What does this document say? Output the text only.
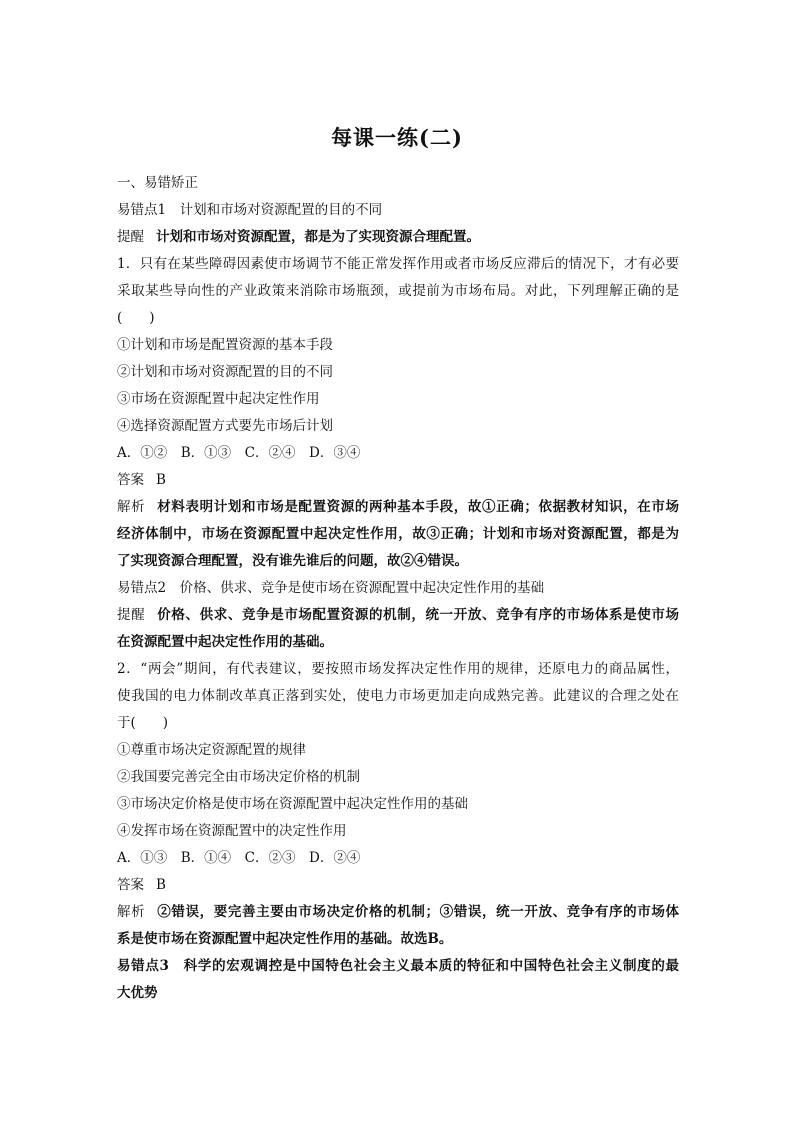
每课一练(二)
一、易错矫正
易错点1　计划和市场对资源配置的目的不同
提醒 计划和市场对资源配置，都是为了实现资源合理配置。
1．只有在某些障碍因素使市场调节不能正常发挥作用或者市场反应滞后的情况下，才有必要
采取某些导向性的产业政策来消除市场瓶颈，或提前为市场布局。对此，下列理解正确的是
(　　)
①计划和市场是配置资源的基本手段
②计划和市场对资源配置的目的不同
③市场在资源配置中起决定性作用
④选择资源配置方式要先市场后计划
A．①②　B．①③　C．②④　D．③④
答案 B
解析 材料表明计划和市场是配置资源的两种基本手段，故①正确；依据教材知识，在市场
经济体制中，市场在资源配置中起决定性作用，故③正确；计划和市场对资源配置，都是为
了实现资源合理配置，没有谁先谁后的问题，故②④错误。
易错点2　价格、供求、竞争是使市场在资源配置中起决定性作用的基础
提醒 价格、供求、竞争是市场配置资源的机制，统一开放、竞争有序的市场体系是使市场
在资源配置中起决定性作用的基础。
2．“两会”期间，有代表建议，要按照市场发挥决定性作用的规律，还原电力的商品属性，
使我国的电力体制改革真正落到实处，使电力市场更加走向成熟完善。此建议的合理之处在
于(　　)
①尊重市场决定资源配置的规律
②我国要完善完全由市场决定价格的机制
③市场决定价格是使市场在资源配置中起决定性作用的基础
④发挥市场在资源配置中的决定性作用
A．①③　B．①④　C．②③　D．②④
答案 B
解析 ②错误，要完善主要由市场决定价格的机制；③错误，统一开放、竞争有序的市场体
系是使市场在资源配置中起决定性作用的基础。故选B。
易错点3　科学的宏观调控是中国特色社会主义最本质的特征和中国特色社会主义制度的最
大优势
